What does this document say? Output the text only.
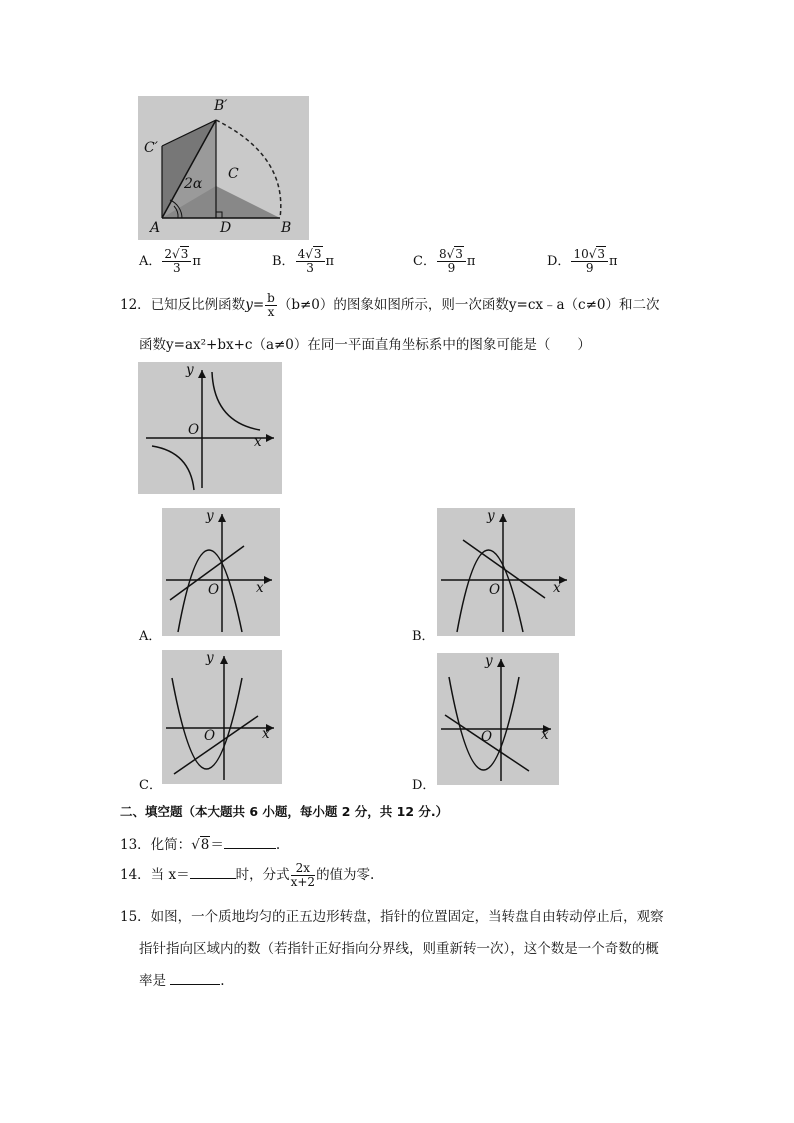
B′
C′
C
2α
A	D	B
A． $\frac{2√3}{3}$ π	B． $\frac{4√3}{3}$ π	C． $\frac{8√3}{9}$ π	D． $\frac{10√3}{9}$ π
12．已知反比例函数$y= \frac{b}{x} (b\ne 0)$的图象如图所示，则一次函数y=cx﹣a（c≠0）和二次
函数y=ax²+bx+c（a≠0）在同一平面直角坐标系中的图象可能是（　　）
y
x
O
y
x
O
A．
y
x
O
B．
y
x
O
C．
y
x
O
D．
二、填空题（本大题共 6 小题，每小题 2 分，共 12 分.）
13．化简：√8＝	.
14．当 x＝	时，分式 $\frac{2x}{x+2}$ 的值为零.
15．如图，一个质地均匀的正五边形转盘，指针的位置固定，当转盘自由转动停止后，观察
指针指向区域内的数（若指针正好指向分界线，则重新转一次），这个数是一个奇数的概
率是	.
